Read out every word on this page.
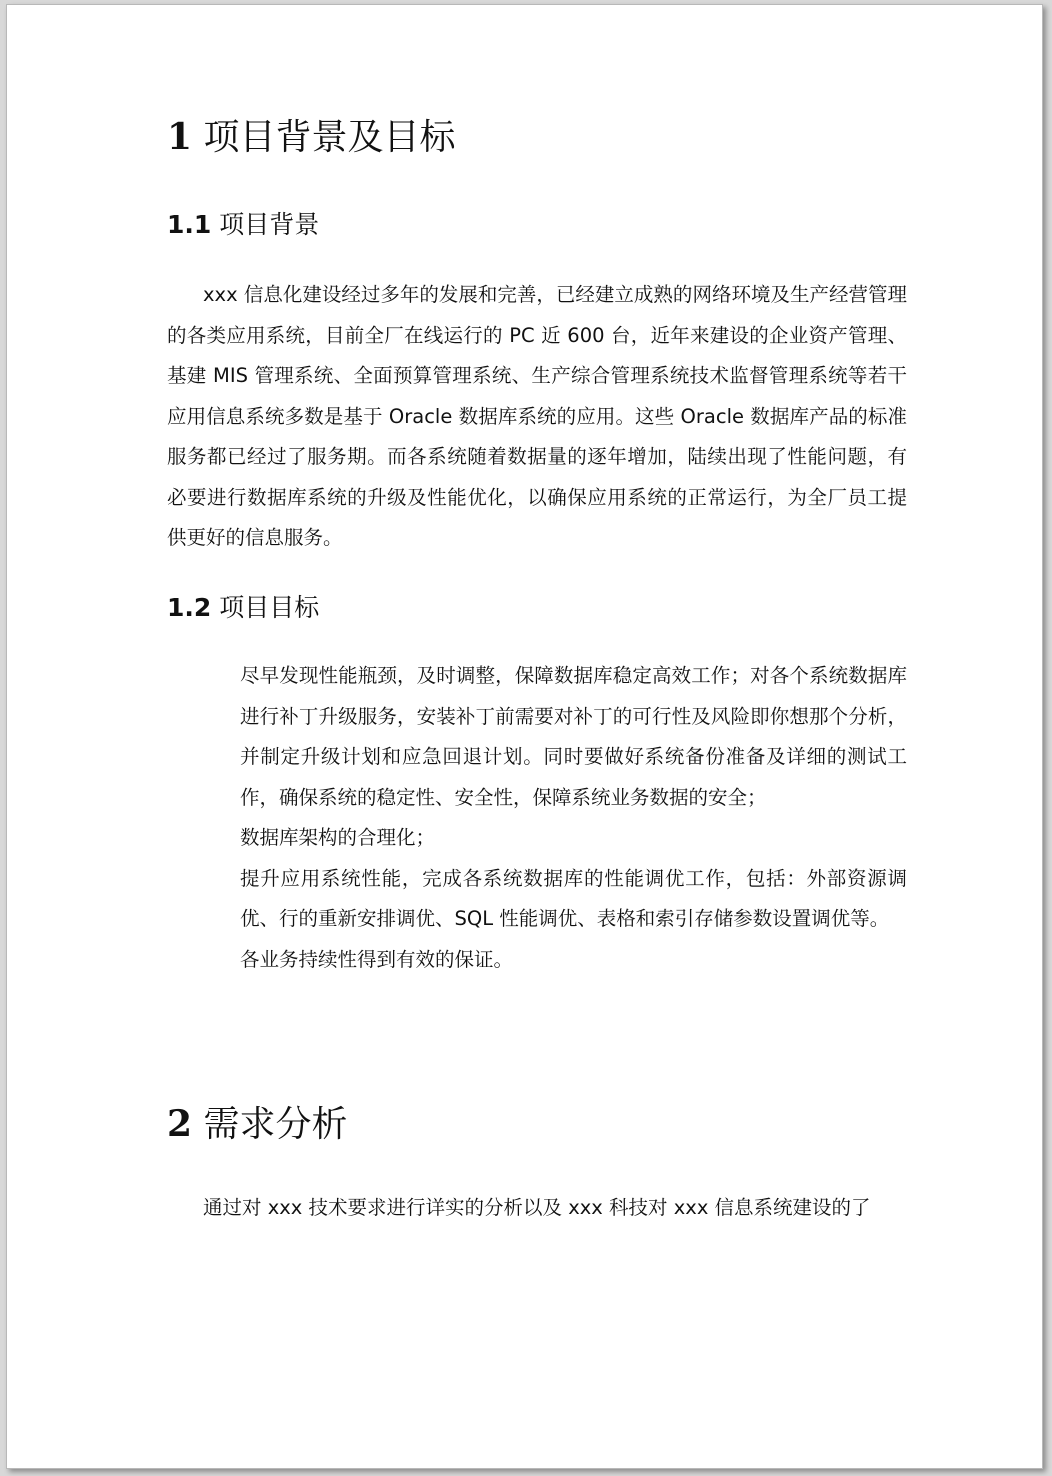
1 项目背景及目标
1.1 项目背景

xxx 信息化建设经过多年的发展和完善，已经建立成熟的网络环境及生产经营管理的各类应用系统，目前全厂在线运行的 PC 近 600 台，近年来建设的企业资产管理、基建 MIS 管理系统、全面预算管理系统、生产综合管理系统技术监督管理系统等若干应用信息系统多数是基于 Oracle 数据库系统的应用。这些 Oracle 数据库产品的标准服务都已经过了服务期。而各系统随着数据量的逐年增加，陆续出现了性能问题，有必要进行数据库系统的升级及性能优化，以确保应用系统的正常运行，为全厂员工提供更好的信息服务。

1.2 项目目标
尽早发现性能瓶颈，及时调整，保障数据库稳定高效工作；对各个系统数据库进行补丁升级服务，安装补丁前需要对补丁的可行性及风险即你想那个分析，并制定升级计划和应急回退计划。同时要做好系统备份准备及详细的测试工作，确保系统的稳定性、安全性，保障系统业务数据的安全；
数据库架构的合理化；
提升应用系统性能，完成各系统数据库的性能调优工作，包括：外部资源调优、行的重新安排调优、SQL 性能调优、表格和索引存储参数设置调优等。
各业务持续性得到有效的保证。
2 需求分析

通过对 xxx 技术要求进行详实的分析以及 xxx 科技对 xxx 信息系统建设的了
